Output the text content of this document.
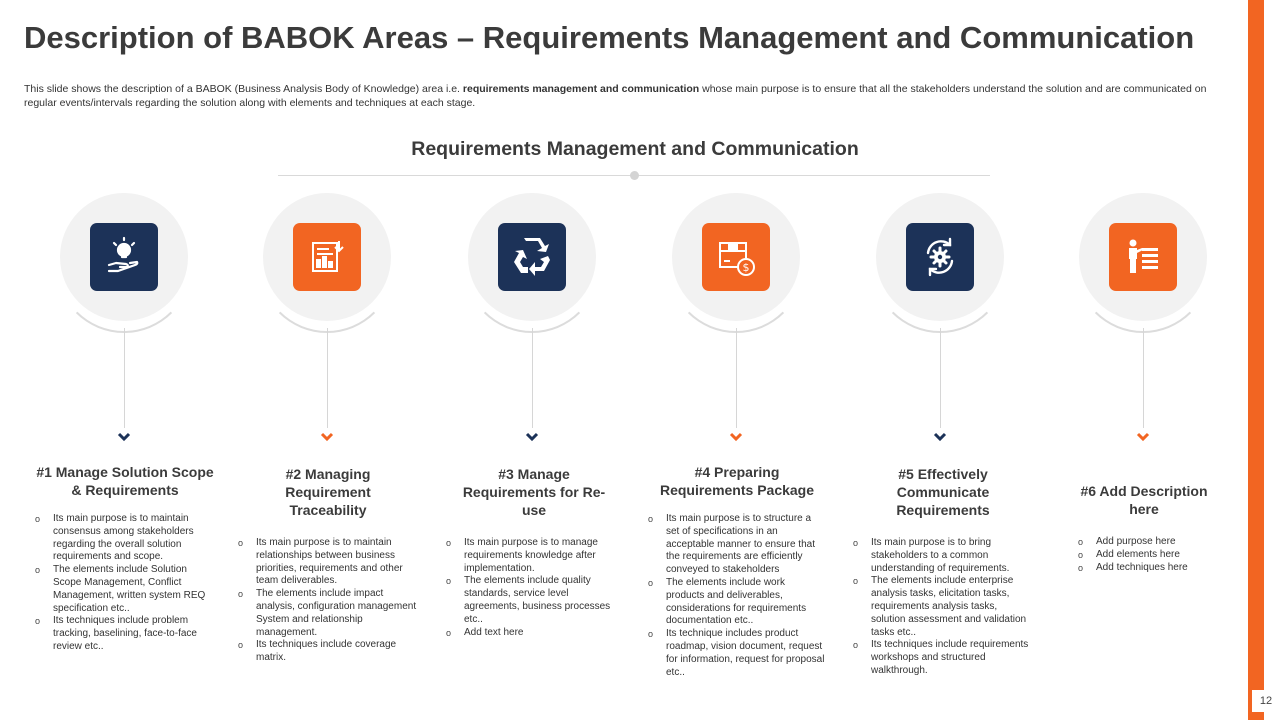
12
Description of BABOK Areas – Requirements Management and Communication

This slide shows the description of a BABOK (Business Analysis Body of Knowledge) area i.e. requirements management and communication whose main purpose is to ensure that all the stakeholders understand the solution and are communicated on regular events/intervals regarding the solution along with elements and techniques at each stage.

Requirements Management and Communication
$
#1 Manage Solution Scope & Requirements
o Its main purpose is to maintain consensus among stakeholders regarding the overall solution requirements and scope.
o The elements include Solution Scope Management, Conflict Management, written system REQ specification etc..
o Its techniques include problem tracking, baselining, face-to-face review etc..
#2 Managing Requirement Traceability
o Its main purpose is to maintain relationships between business priorities, requirements and other team deliverables.
o The elements include impact analysis, configuration management System and relationship management.
o Its techniques include coverage matrix.
#3 Manage Requirements for Re-use
o Its main purpose is to manage requirements knowledge after implementation.
o The elements include quality standards, service level agreements, business processes etc..
o Add text here
#4 Preparing Requirements Package
o Its main purpose is to structure a set of specifications in an acceptable manner to ensure that the requirements are efficiently conveyed to stakeholders
o The elements include work products and deliverables, considerations for requirements documentation etc..
o Its technique includes product roadmap, vision document, request for information, request for proposal etc..
#5 Effectively Communicate Requirements
o Its main purpose is to bring stakeholders to a common understanding of requirements.
o The elements include enterprise analysis tasks, elicitation tasks, requirements analysis tasks, solution assessment and validation tasks etc..
o Its techniques include requirements workshops and structured walkthrough.
#6 Add Description here
o Add purpose here
o Add elements here
o Add techniques here
